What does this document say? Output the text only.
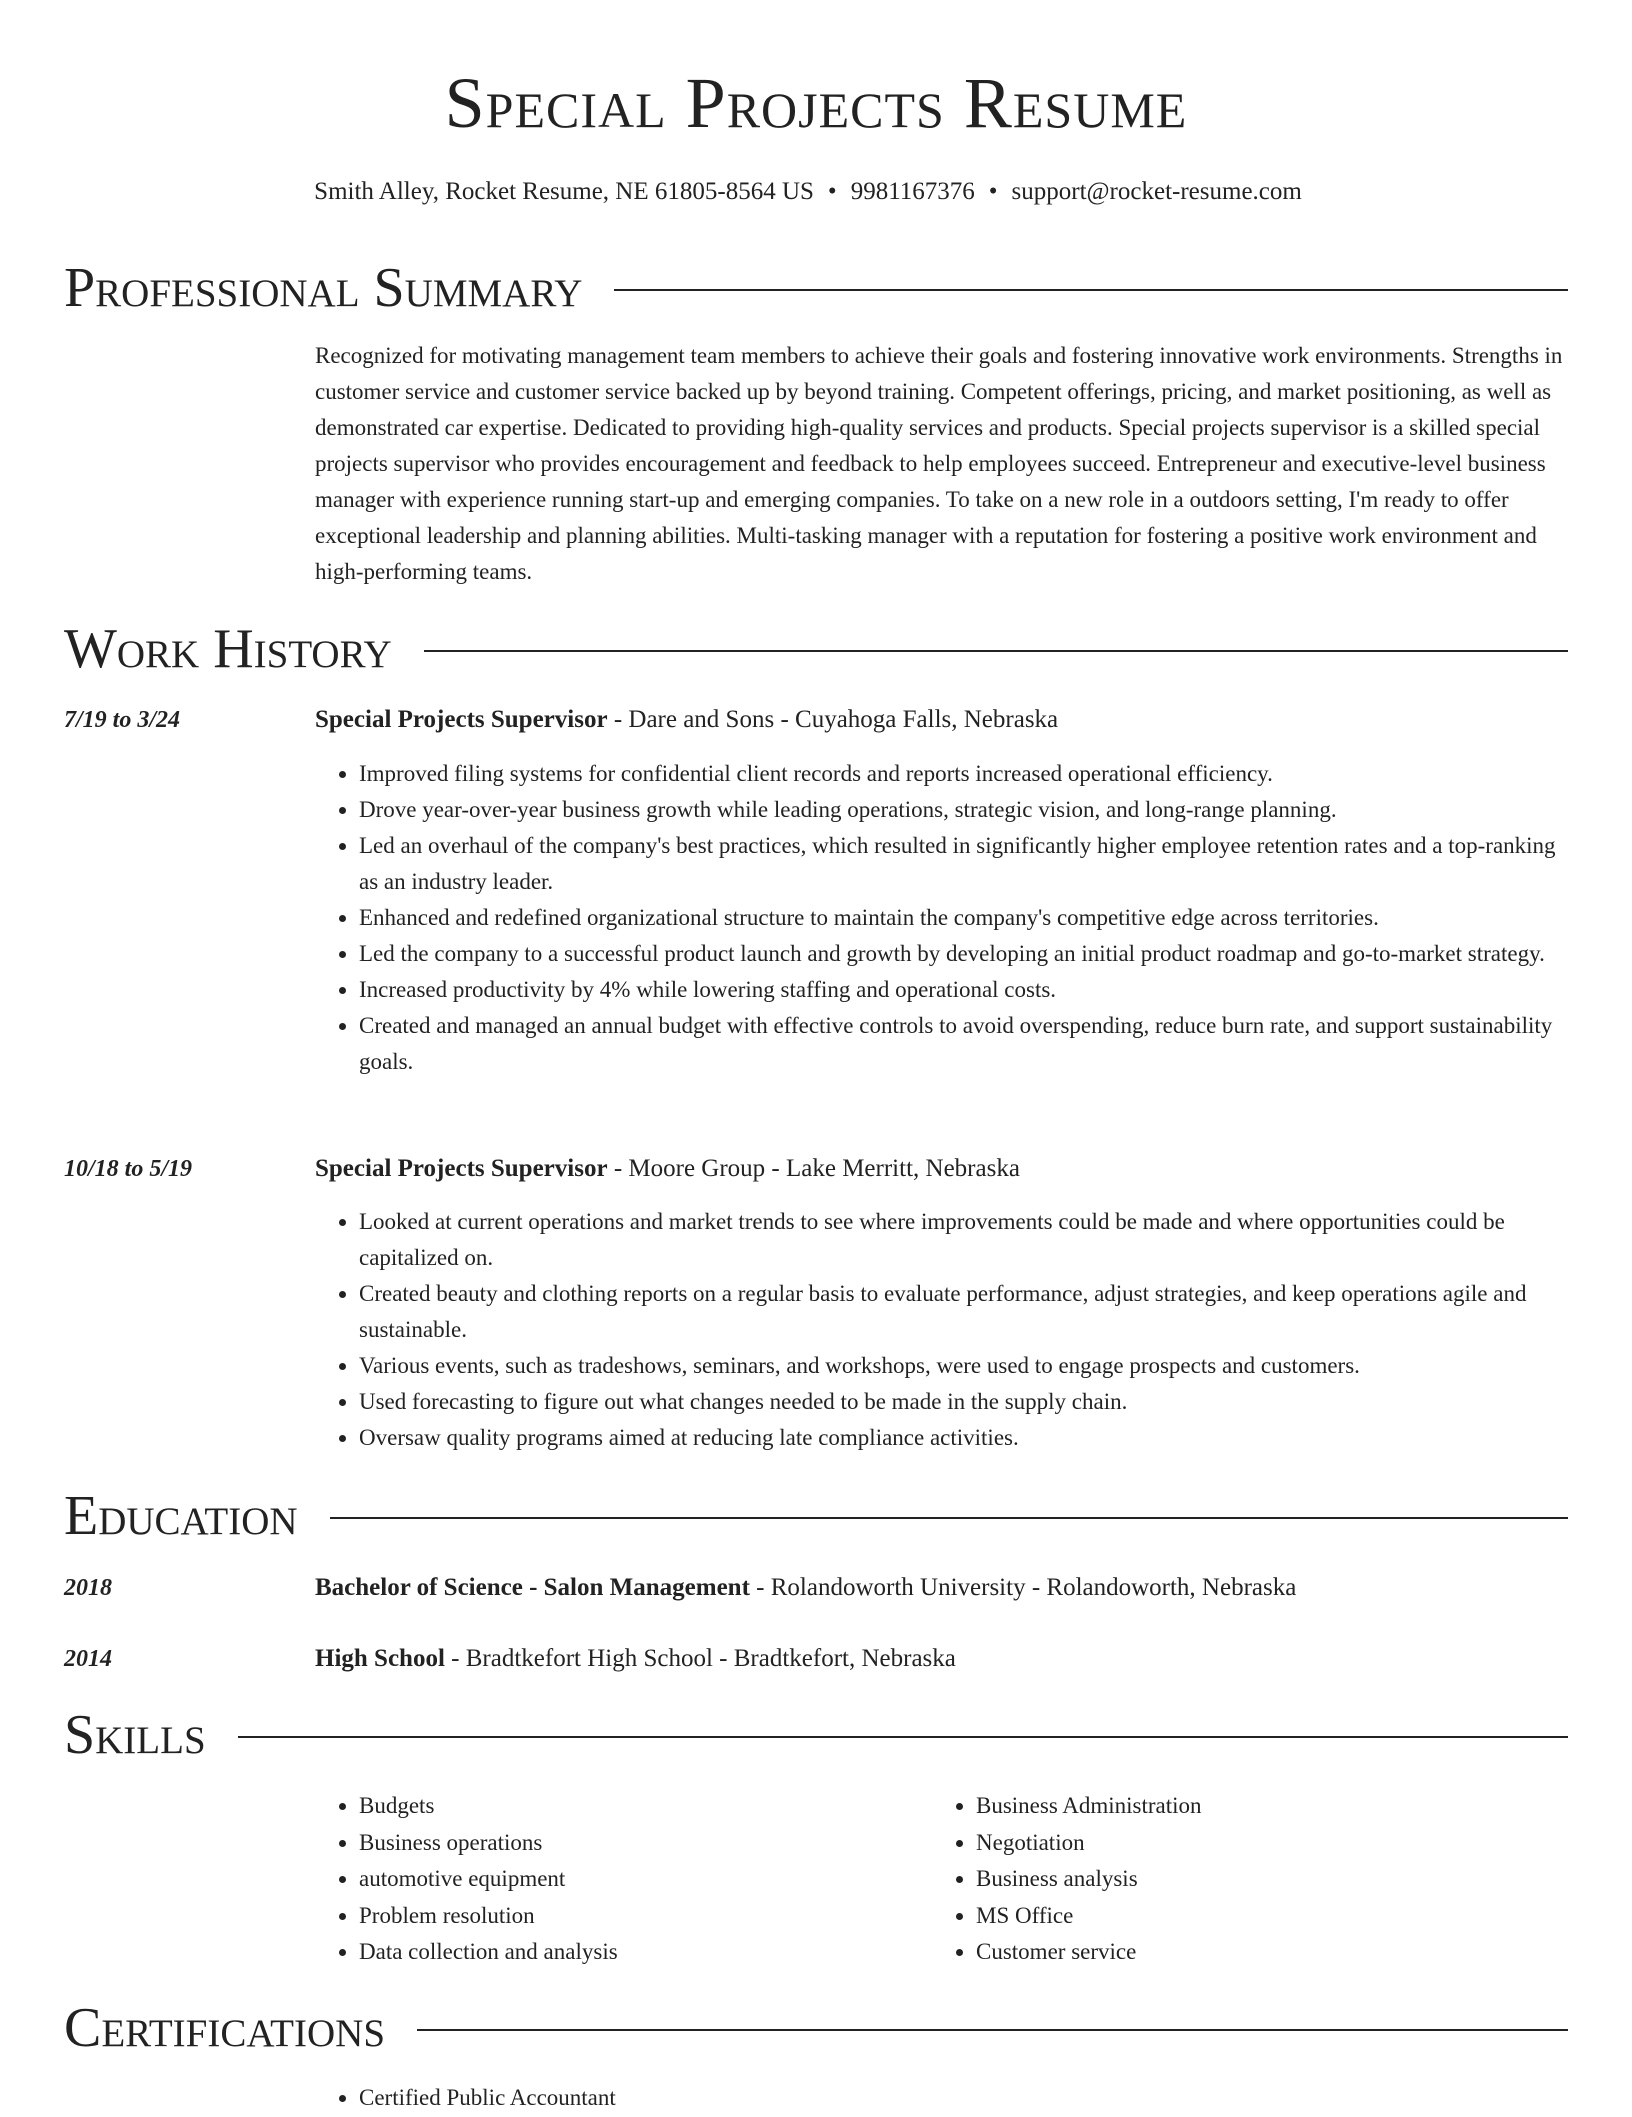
Special Projects Resume
Smith Alley, Rocket Resume, NE 61805-8564 US • 9981167376 • support@rocket-resume.com
Professional Summary

Recognized for motivating management team members to achieve their goals and fostering innovative work environments. Strengths in customer service and customer service backed up by beyond training. Competent offerings, pricing, and market positioning, as well as demonstrated car expertise. Dedicated to providing high-quality services and products. Special projects supervisor is a skilled special projects supervisor who provides encouragement and feedback to help employees succeed. Entrepreneur and executive-level business manager with experience running start-up and emerging companies. To take on a new role in a outdoors setting, I'm ready to offer exceptional leadership and planning abilities. Multi-tasking manager with a reputation for fostering a positive work environment and high-performing teams.

Work History
7/19 to 3/24	Special Projects Supervisor - Dare and Sons - Cuyahoga Falls, Nebraska
• Improved filing systems for confidential client records and reports increased operational efficiency.
• Drove year-over-year business growth while leading operations, strategic vision, and long-range planning.
• Led an overhaul of the company's best practices, which resulted in significantly higher employee retention rates and a top-ranking as an industry leader.
• Enhanced and redefined organizational structure to maintain the company's competitive edge across territories.
• Led the company to a successful product launch and growth by developing an initial product roadmap and go-to-market strategy.
• Increased productivity by 4% while lowering staffing and operational costs.
• Created and managed an annual budget with effective controls to avoid overspending, reduce burn rate, and support sustainability goals.
10/18 to 5/19	Special Projects Supervisor - Moore Group - Lake Merritt, Nebraska
• Looked at current operations and market trends to see where improvements could be made and where opportunities could be capitalized on.
• Created beauty and clothing reports on a regular basis to evaluate performance, adjust strategies, and keep operations agile and sustainable.
• Various events, such as tradeshows, seminars, and workshops, were used to engage prospects and customers.
• Used forecasting to figure out what changes needed to be made in the supply chain.
• Oversaw quality programs aimed at reducing late compliance activities.
Education
2018	Bachelor of Science - Salon Management - Rolandoworth University - Rolandoworth, Nebraska
2014	High School - Bradtkefort High School - Bradtkefort, Nebraska
Skills
• Budgets
• Business operations
• automotive equipment
• Problem resolution
• Data collection and analysis
• Business Administration
• Negotiation
• Business analysis
• MS Office
• Customer service
Certifications
• Certified Public Accountant
